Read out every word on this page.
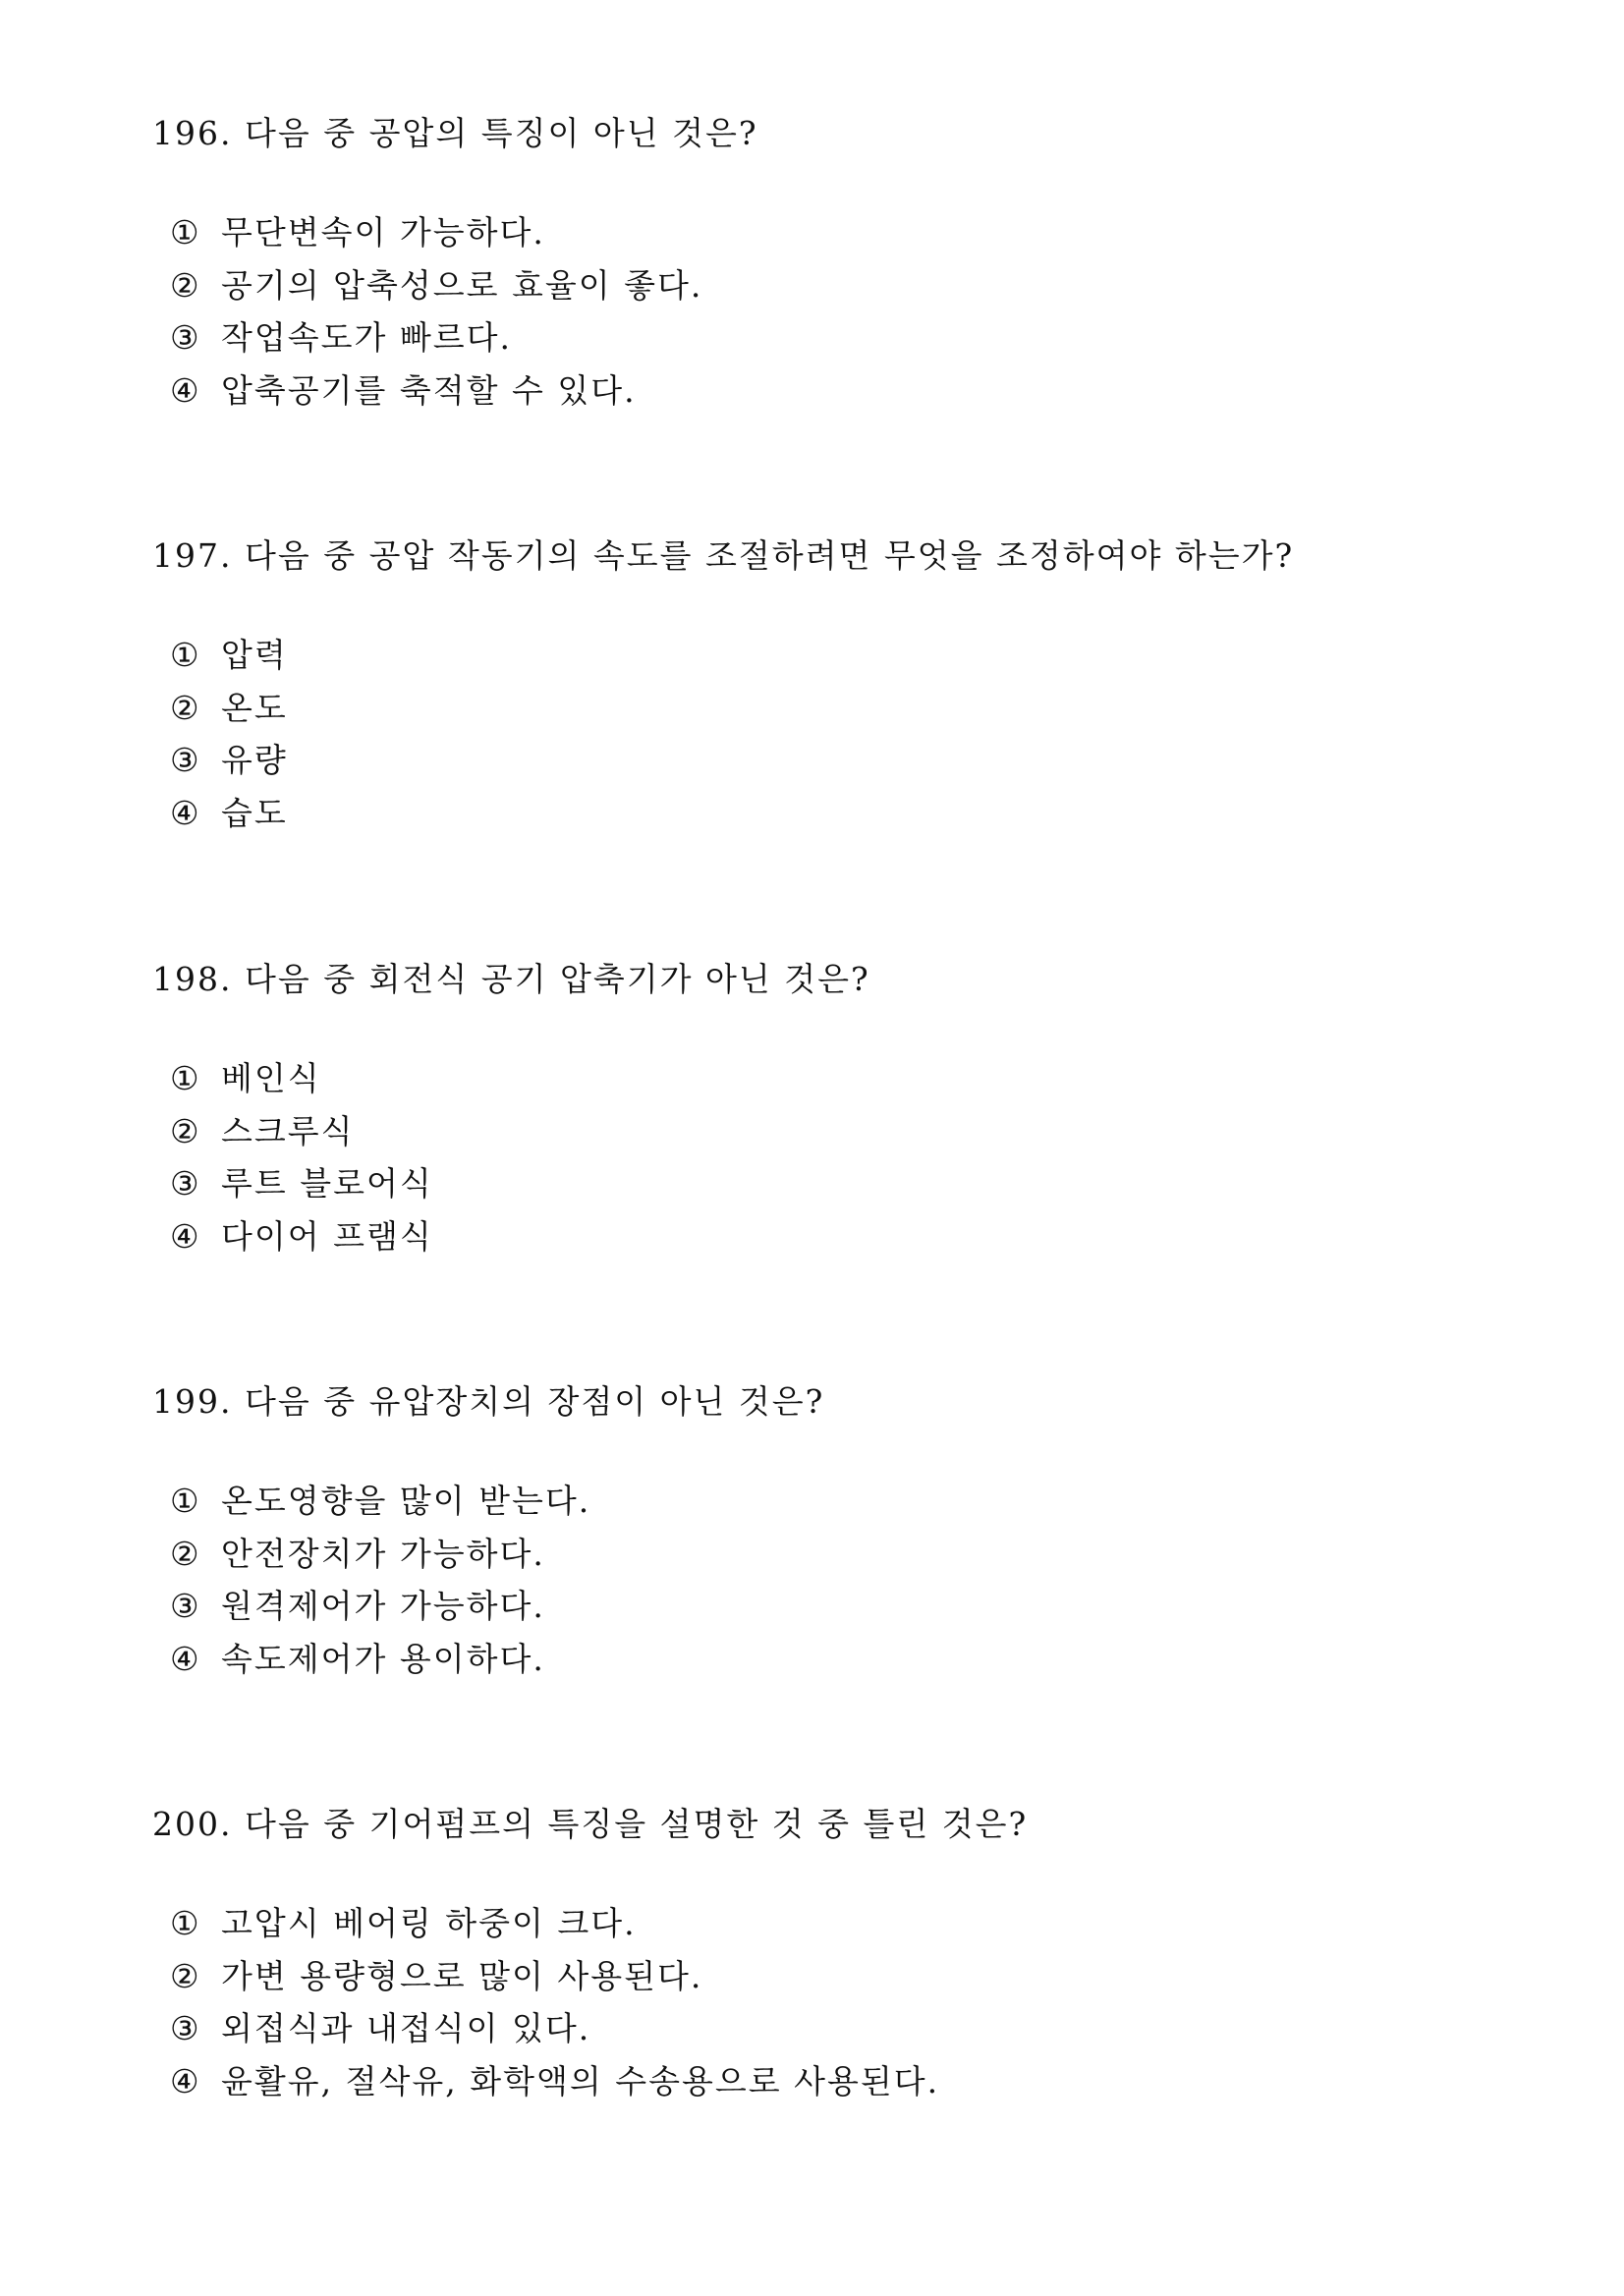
196. 다음 중 공압의 특징이 아닌 것은?

① 무단변속이 가능하다.
② 공기의 압축성으로 효율이 좋다.
③ 작업속도가 빠르다.
④ 압축공기를 축적할 수 있다.

197. 다음 중 공압 작동기의 속도를 조절하려면 무엇을 조정하여야 하는가?

① 압력
② 온도
③ 유량
④ 습도

198. 다음 중 회전식 공기 압축기가 아닌 것은?

① 베인식
② 스크루식
③ 루트 블로어식
④ 다이어 프램식

199. 다음 중 유압장치의 장점이 아닌 것은?

① 온도영향을 많이 받는다.
② 안전장치가 가능하다.
③ 원격제어가 가능하다.
④ 속도제어가 용이하다.

200. 다음 중 기어펌프의 특징을 설명한 것 중 틀린 것은?

① 고압시 베어링 하중이 크다.
② 가변 용량형으로 많이 사용된다.
③ 외접식과 내접식이 있다.
④ 윤활유, 절삭유, 화학액의 수송용으로 사용된다.
